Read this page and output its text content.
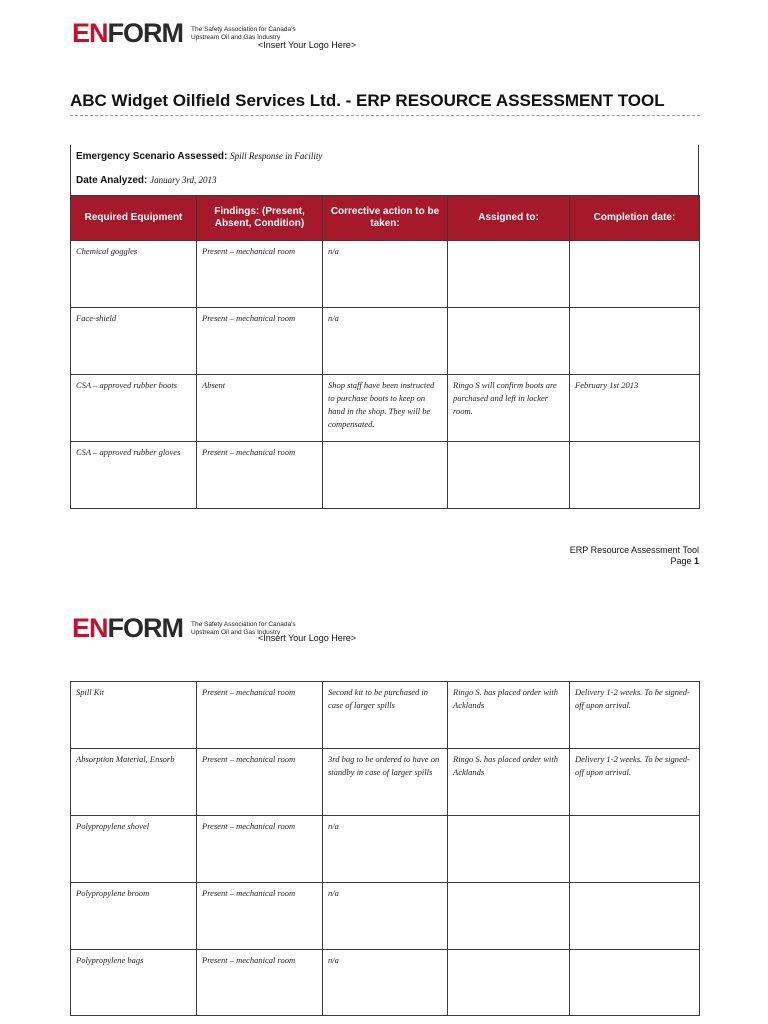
ENFORM The Safety Association for Canada's Upstream Oil and Gas Industry
<Insert Your Logo Here>
ABC Widget Oilfield Services Ltd. - ERP RESOURCE ASSESSMENT TOOL
Emergency Scenario Assessed: Spill Response in Facility
Date Analyzed: January 3rd, 2013
Required Equipment	Findings: (Present, Absent, Condition)	Corrective action to be taken:	Assigned to:	Completion date:
Chemical goggles	Present – mechanical room	n/a		
Face-shield	Present – mechanical room	n/a		
CSA – approved rubber boots	Absent	Shop staff have been instructed to purchase boots to keep on hand in the shop. They will be compensated.	Ringo S will confirm boots are purchased and left in locker room.	February 1st 2013
CSA – approved rubber gloves	Present – mechanical room			
ERP Resource Assessment Tool
Page 1
ENFORM The Safety Association for Canada's Upstream Oil and Gas Industry
<Insert Your Logo Here>
Spill Kit	Present – mechanical room	Second kit to be purchased in case of larger spills	Ringo S. has placed order with Acklands	Delivery 1-2 weeks. To be signed-off upon arrival.
Absorption Material, Ensorb	Present – mechanical room	3rd bag to be ordered to have on standby in case of larger spills	Ringo S. has placed order with Acklands	Delivery 1-2 weeks. To be signed-off upon arrival.
Polypropylene shovel	Present – mechanical room	n/a		
Polypropylene broom	Present – mechanical room	n/a		
Polypropylene bags	Present – mechanical room	n/a		
